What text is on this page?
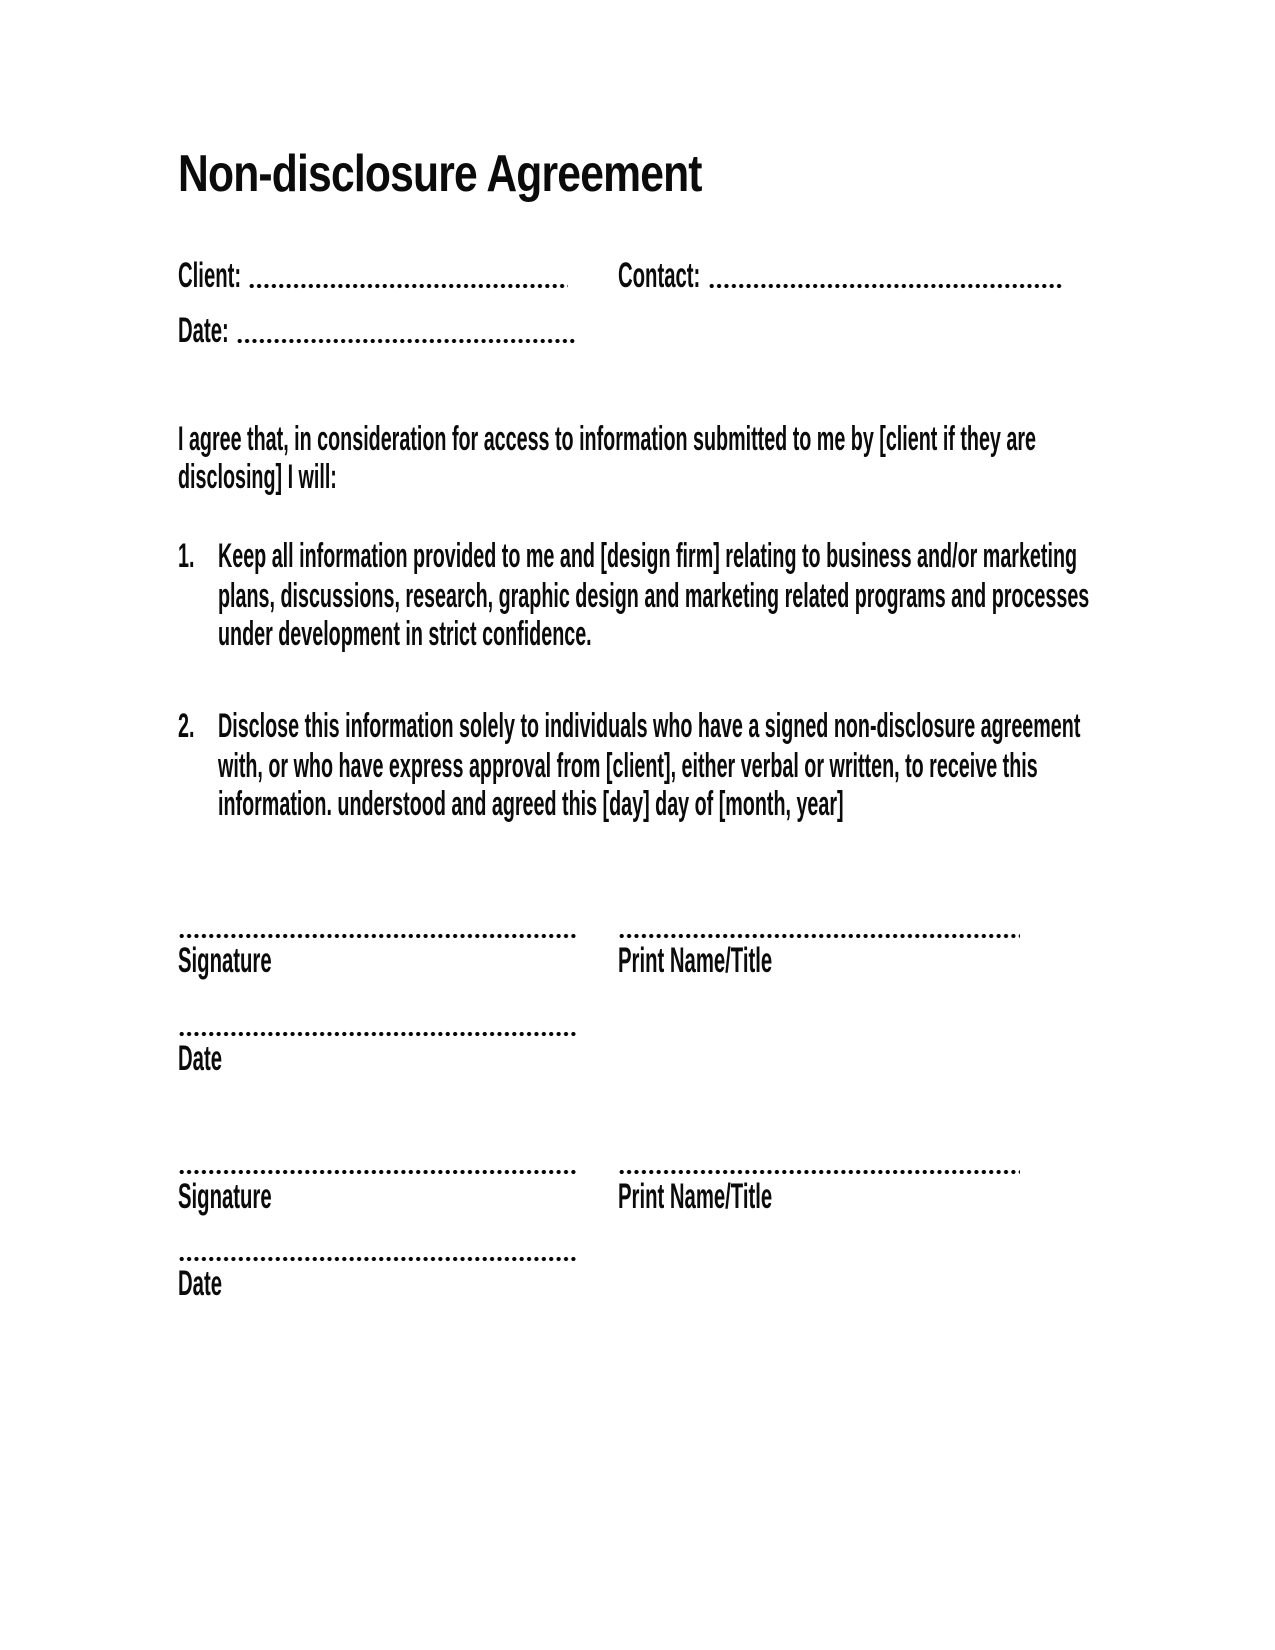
Non-disclosure Agreement
Client:	Contact:
Date:
I agree that, in consideration for access to information submitted to me by [client if they are
disclosing] I will:
1. Keep all information provided to me and [design firm] relating to business and/or marketing
plans, discussions, research, graphic design and marketing related programs and processes
under development in strict confidence.
2. Disclose this information solely to individuals who have a signed non-disclosure agreement
with, or who have express approval from [client], either verbal or written, to receive this
information. understood and agreed this [day] day of [month, year]
Signature	Print Name/Title
Date
Signature	Print Name/Title
Date
